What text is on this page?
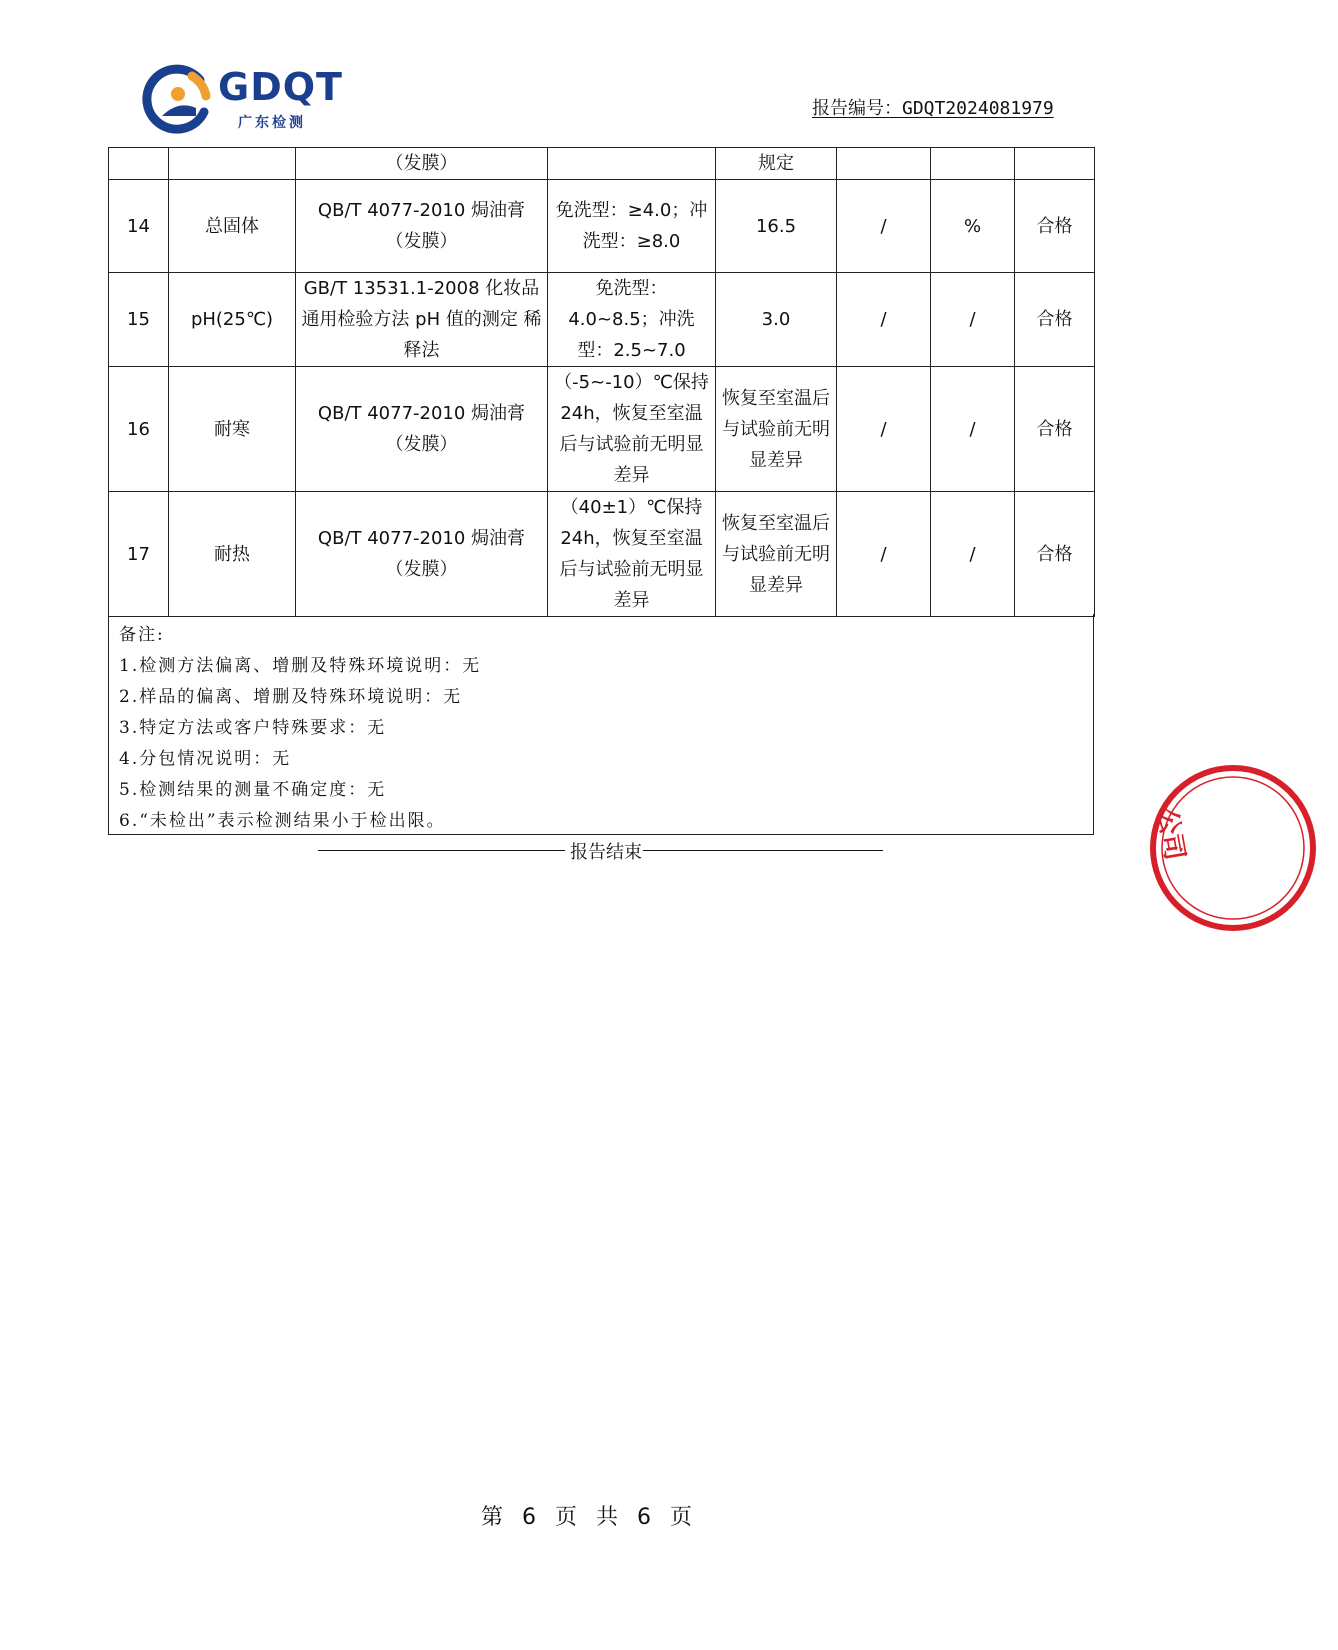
GDQT
广东检测
报告编号：GDQT2024081979
		（发膜）		规定			
14	总固体	QB/T 4077-2010 焗油膏（发膜）	免洗型：≥4.0；冲洗型：≥8.0	16.5	/	%	合格
15	pH(25℃)	GB/T 13531.1-2008 化妆品通用检验方法 pH 值的测定 稀释法	免洗型：4.0~8.5；冲洗型：2.5~7.0	3.0	/	/	合格
16	耐寒	QB/T 4077-2010 焗油膏（发膜）	（-5~-10）℃保持 24h，恢复至室温后与试验前无明显差异	恢复至室温后与试验前无明显差异	/	/	合格
17	耐热	QB/T 4077-2010 焗油膏（发膜）	（40±1）℃保持 24h，恢复至室温后与试验前无明显差异	恢复至室温后与试验前无明显差异	/	/	合格
备注:
1.检测方法偏离、增删及特殊环境说明：无
2.样品的偏离、增删及特殊环境说明：无
3.特定方法或客户特殊要求：无
4.分包情况说明：无
5.检测结果的测量不确定度：无
6.“未检出”表示检测结果小于检出限。
报告结束	公司
第 6 页 共 6 页
